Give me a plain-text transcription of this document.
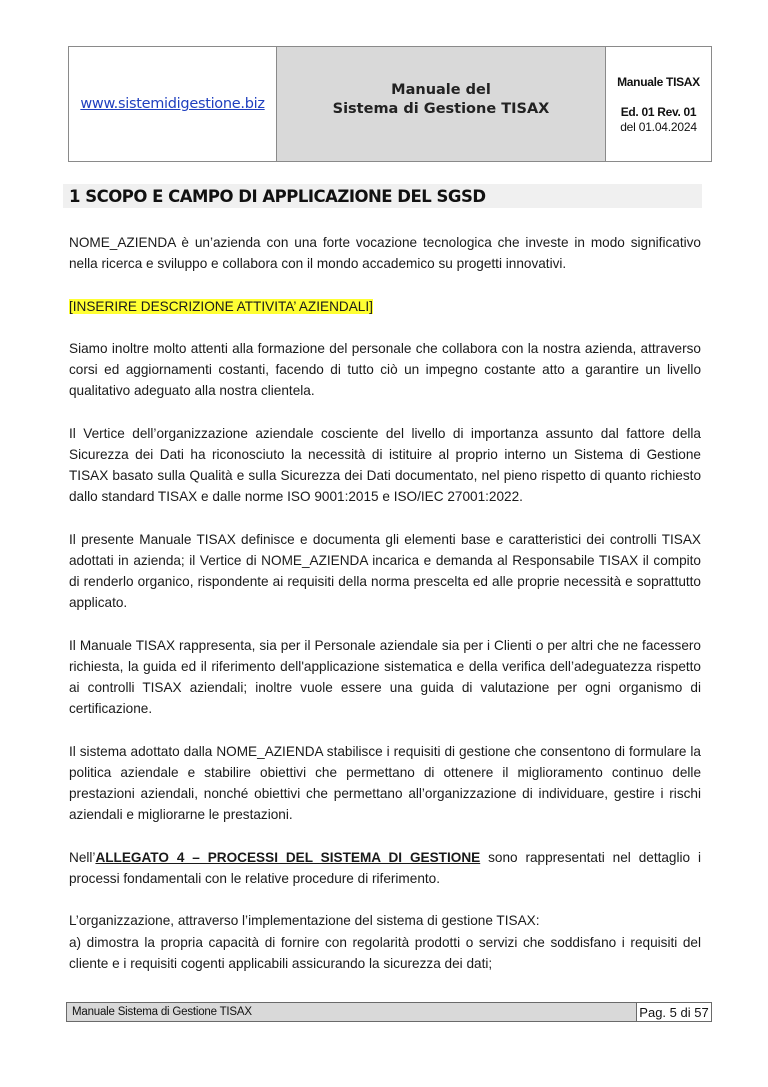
www.sistemidigestione.biz
Manuale del
Sistema di Gestione TISAX
Manuale TISAX
Ed. 01 Rev. 01
del 01.04.2024
1 SCOPO E CAMPO DI APPLICAZIONE DEL SGSD

NOME_AZIENDA è un’azienda con una forte vocazione tecnologica che investe in modo significativo nella ricerca e sviluppo e collabora con il mondo accademico su progetti innovativi.

[INSERIRE DESCRIZIONE ATTIVITA’ AZIENDALI]

Siamo inoltre molto attenti alla formazione del personale che collabora con la nostra azienda, attraverso corsi ed aggiornamenti costanti, facendo di tutto ciò un impegno costante atto a garantire un livello qualitativo adeguato alla nostra clientela.

Il Vertice dell’organizzazione aziendale cosciente del livello di importanza assunto dal fattore della Sicurezza dei Dati ha riconosciuto la necessità di istituire al proprio interno un Sistema di Gestione TISAX basato sulla Qualità e sulla Sicurezza dei Dati documentato, nel pieno rispetto di quanto richiesto dallo standard TISAX e dalle norme ISO 9001:2015 e ISO/IEC 27001:2022.

Il presente Manuale TISAX definisce e documenta gli elementi base e caratteristici dei controlli TISAX adottati in azienda; il Vertice di NOME_AZIENDA incarica e demanda al Responsabile TISAX il compito di renderlo organico, rispondente ai requisiti della norma prescelta ed alle proprie necessità e soprattutto applicato.

Il Manuale TISAX rappresenta, sia per il Personale aziendale sia per i Clienti o per altri che ne facessero richiesta, la guida ed il riferimento dell'applicazione sistematica e della verifica dell’adeguatezza rispetto ai controlli TISAX aziendali; inoltre vuole essere una guida di valutazione per ogni organismo di certificazione.

Il sistema adottato dalla NOME_AZIENDA stabilisce i requisiti di gestione che consentono di formulare la politica aziendale e stabilire obiettivi che permettano di ottenere il miglioramento continuo delle prestazioni aziendali, nonché obiettivi che permettano all’organizzazione di individuare, gestire i rischi aziendali e migliorarne le prestazioni.

Nell’ALLEGATO 4 – PROCESSI DEL SISTEMA DI GESTIONE sono rappresentati nel dettaglio i processi fondamentali con le relative procedure di riferimento.

L’organizzazione, attraverso l’implementazione del sistema di gestione TISAX:

a) dimostra la propria capacità di fornire con regolarità prodotti o servizi che soddisfano i requisiti del cliente e i requisiti cogenti applicabili assicurando la sicurezza dei dati;

Manuale Sistema di Gestione TISAX	Pag. 5 di 57
